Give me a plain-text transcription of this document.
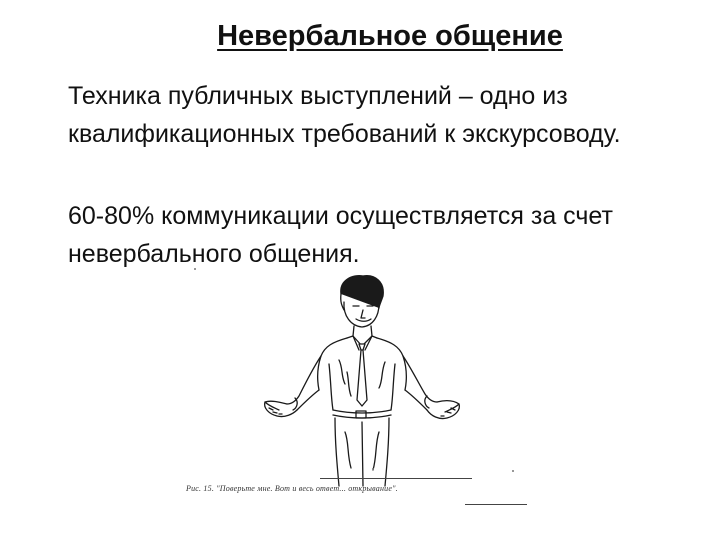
Невербальное общение

Техника публичных выступлений – одно из квалификационных требований к экскурсоводу.

60-80% коммуникации осуществляется за счет невербального общения.

Рис. 15. "Поверьте мне. Вот и весь ответ... открывание".
